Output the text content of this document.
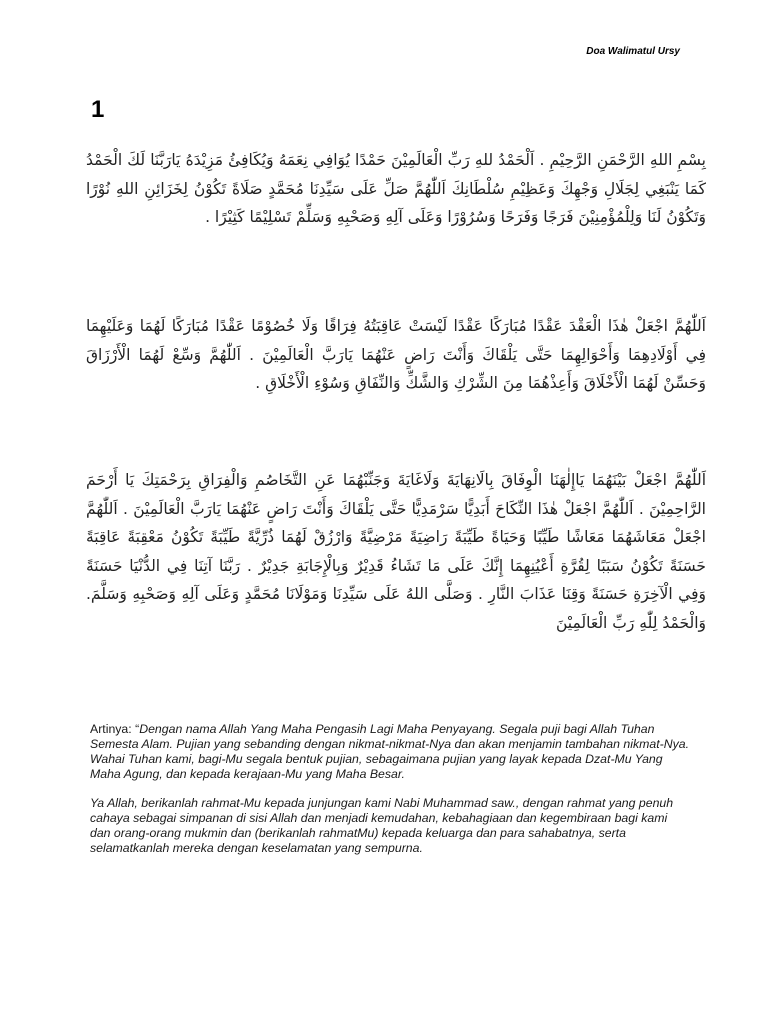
Doa Walimatul Ursy
1
بِسْمِ اللهِ الرَّحْمَنِ الرَّحِيْمِ . اَلْحَمْدُ للهِ رَبِّ الْعَالَمِيْنَ حَمْدًا يُوَافِي نِعَمَهُ وَيُكَافِئُ مَزِيْدَهُ يَارَبَّنَا لَكَ الْحَمْدُ كَمَا يَنْبَغِي لِجَلَالِ وَجْهِكَ وَعَظِيْمِ سُلْطَانِكَ اَللّٰهُمَّ صَلِّ عَلَى سَيِّدِنَا مُحَمَّدٍ صَلَاةً تَكُوْنُ لِخَزَائِنِ اللهِ نُوْرًا وَتَكُوْنُ لَنَا وَلِلْمُؤْمِنِيْنَ فَرَجًا وَفَرَحًا وَسُرُوْرًا وَعَلَى آلِهِ وَصَحْبِهِ وَسَلِّمْ تَسْلِيْمًا كَثِيْرًا .
اَللّٰهُمَّ اجْعَلْ هٰذَا الْعَقْدَ عَقْدًا مُبَارَكًا عَقْدًا لَيْسَتْ عَاقِبَتُهُ فِرَاقًا وَلَا خُصُوْمًا عَقْدًا مُبَارَكًا لَهُمَا وَعَلَيْهِمَا فِي أَوْلَادِهِمَا وَأَحْوَالِهِمَا حَتَّى يَلْقَاكَ وَأَنْتَ رَاضٍ عَنْهُمَا يَارَبَّ الْعَالَمِيْنَ . اَللّٰهُمَّ وَسِّعْ لَهُمَا الْأَرْزَاقَ وَحَسِّنْ لَهُمَا الْأَخْلَاقَ وَأَعِذْهُمَا مِنَ الشِّرْكِ وَالشَّكِّ وَالنِّفَاقِ وَسُوْءِ الْأَخْلَاقِ .
اَللّٰهُمَّ اجْعَلْ بَيْنَهُمَا يَاإِلٰهَنَا الْوِفَاقَ بِالَانِهَايَةَ وَلَاغَايَةَ وَجَنِّبْهُمَا عَنِ التَّخَاصُمِ وَالْفِرَاقِ بِرَحْمَتِكَ يَا أَرْحَمَ الرَّاحِمِيْنَ . اَللّٰهُمَّ اجْعَلْ هٰذَا النِّكَاحَ أَبَدِيًّا سَرْمَدِيًّا حَتَّى يَلْقَاكَ وَأَنْتَ رَاضٍ عَنْهُمَا يَارَبَّ الْعَالَمِيْنَ . اَللّٰهُمَّ اجْعَلْ مَعَاشَهُمَا مَعَاشًا طَيِّبًا وَحَيَاةً طَيِّبَةً رَاضِيَةً مَرْضِيَّةً وَارْزُقْ لَهُمَا ذُرِّيَّةً طَيِّبَةً تَكُوْنُ مَعْقِبَةً عَاقِبَةً حَسَنَةً تَكُوْنُ سَبَبًا لِقُرَّةِ أَعْيُنِهِمَا إِنَّكَ عَلَى مَا تَشَاءُ قَدِيْرٌ وَبِالْإِجَابَةِ جَدِيْرٌ . رَبَّنَا آتِنَا فِي الدُّنْيَا حَسَنَةً وَفِي الْآخِرَةِ حَسَنَةً وَقِنَا عَذَابَ النَّارِ . وَصَلَّى اللهُ عَلَى سَيِّدِنَا وَمَوْلَانَا مُحَمَّدٍ وَعَلَى آلِهِ وَصَحْبِهِ وَسَلَّمَ. وَالْحَمْدُ لِلّٰهِ رَبِّ الْعَالَمِيْنَ

Artinya: “Dengan nama Allah Yang Maha Pengasih Lagi Maha Penyayang. Segala puji bagi Allah Tuhan Semesta Alam. Pujian yang sebanding dengan nikmat-nikmat-Nya dan akan menjamin tambahan nikmat-Nya. Wahai Tuhan kami, bagi-Mu segala bentuk pujian, sebagaimana pujian yang layak kepada Dzat-Mu Yang Maha Agung, dan kepada kerajaan-Mu yang Maha Besar.

Ya Allah, berikanlah rahmat-Mu kepada junjungan kami Nabi Muhammad saw., dengan rahmat yang penuh cahaya sebagai simpanan di sisi Allah dan menjadi kemudahan, kebahagiaan dan kegembiraan bagi kami dan orang-orang mukmin dan (berikanlah rahmatMu) kepada keluarga dan para sahabatnya, serta selamatkanlah mereka dengan keselamatan yang sempurna.
